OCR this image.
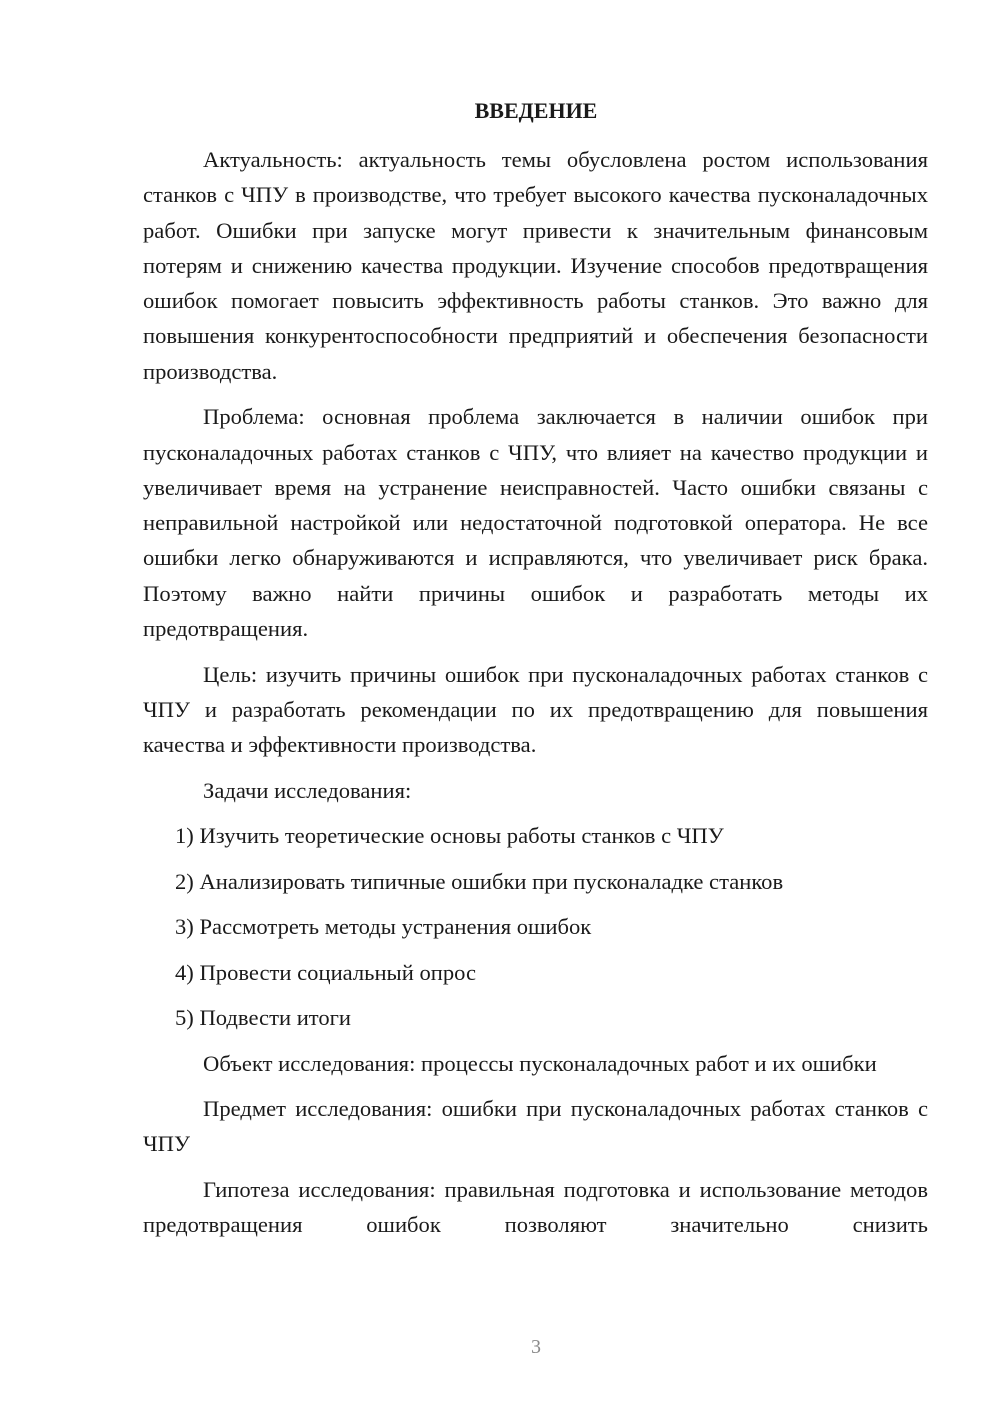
ВВЕДЕНИЕ

Актуальность: актуальность темы обусловлена ростом использования станков с ЧПУ в производстве, что требует высокого качества пусконаладочных работ. Ошибки при запуске могут привести к значительным финансовым потерям и снижению качества продукции. Изучение способов предотвращения ошибок помогает повысить эффективность работы станков. Это важно для повышения конкурентоспособности предприятий и обеспечения безопасности производства.

Проблема: основная проблема заключается в наличии ошибок при пусконаладочных работах станков с ЧПУ, что влияет на качество продукции и увеличивает время на устранение неисправностей. Часто ошибки связаны с неправильной настройкой или недостаточной подготовкой оператора. Не все ошибки легко обнаруживаются и исправляются, что увеличивает риск брака. Поэтому важно найти причины ошибок и разработать методы их предотвращения.

Цель: изучить причины ошибок при пусконаладочных работах станков с ЧПУ и разработать рекомендации по их предотвращению для повышения качества и эффективности производства.

Задачи исследования:

1) Изучить теоретические основы работы станков с ЧПУ

2) Анализировать типичные ошибки при пусконаладке станков

3) Рассмотреть методы устранения ошибок

4) Провести социальный опрос

5) Подвести итоги

Объект исследования: процессы пусконаладочных работ и их ошибки

Предмет исследования: ошибки при пусконаладочных работах станков с ЧПУ

Гипотеза исследования: правильная подготовка и использование методов предотвращения ошибок позволяют значительно снизить

3
